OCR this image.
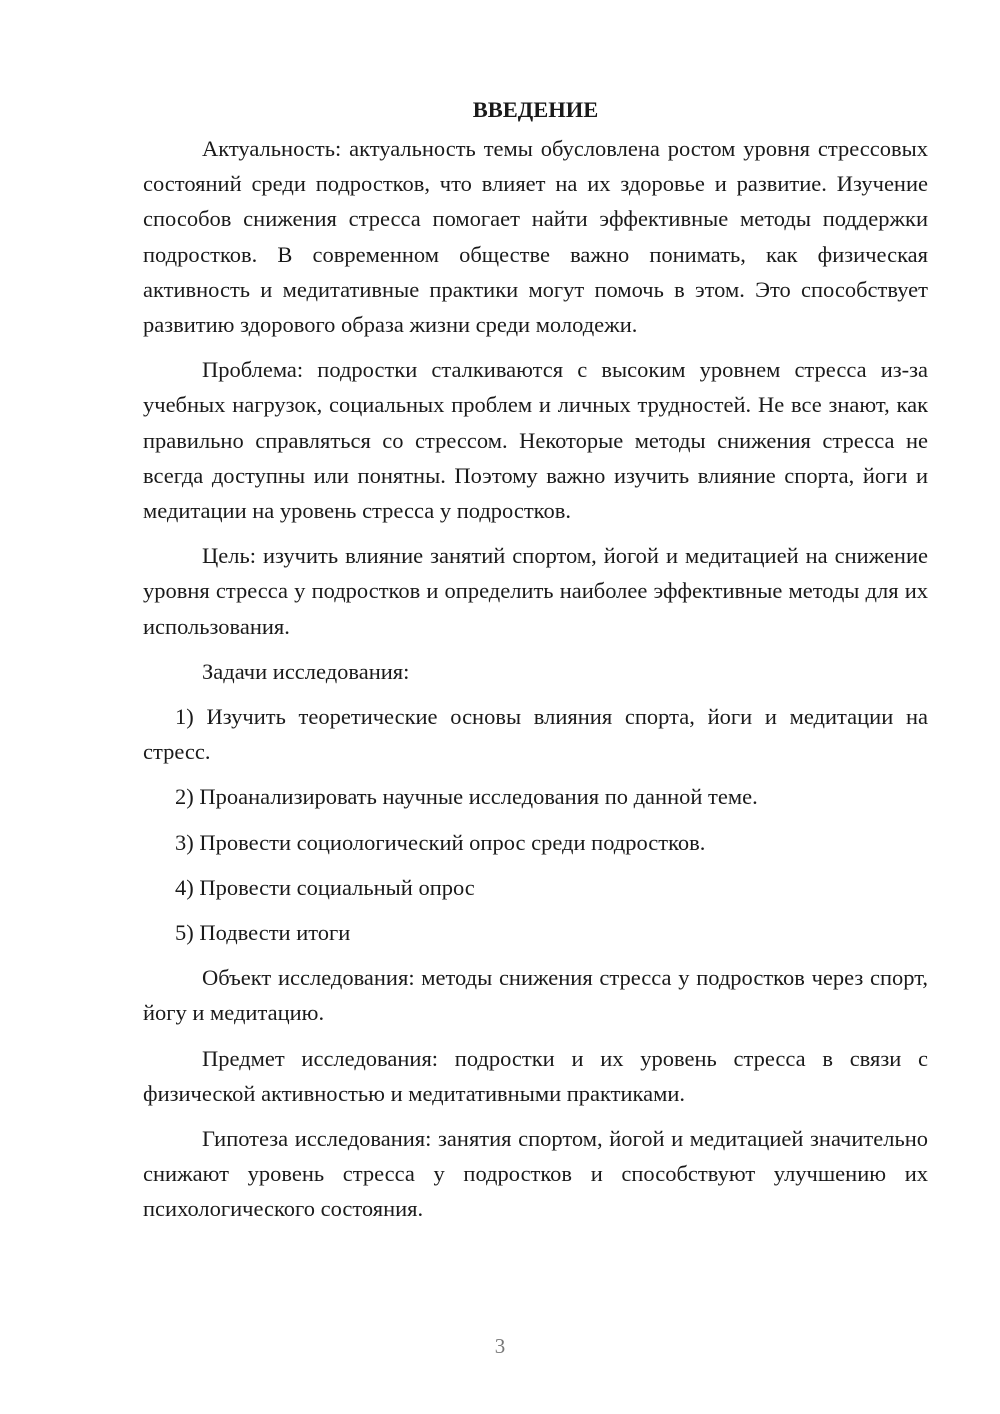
ВВЕДЕНИЕ

Актуальность: актуальность темы обусловлена ростом уровня стрессовых состояний среди подростков, что влияет на их здоровье и развитие. Изучение способов снижения стресса помогает найти эффективные методы поддержки подростков. В современном обществе важно понимать, как физическая активность и медитативные практики могут помочь в этом. Это способствует развитию здорового образа жизни среди молодежи.

Проблема: подростки сталкиваются с высоким уровнем стресса из-за учебных нагрузок, социальных проблем и личных трудностей. Не все знают, как правильно справляться со стрессом. Некоторые методы снижения стресса не всегда доступны или понятны. Поэтому важно изучить влияние спорта, йоги и медитации на уровень стресса у подростков.

Цель: изучить влияние занятий спортом, йогой и медитацией на снижение уровня стресса у подростков и определить наиболее эффективные методы для их использования.

Задачи исследования:

1) Изучить теоретические основы влияния спорта, йоги и медитации на стресс.

2) Проанализировать научные исследования по данной теме.

3) Провести социологический опрос среди подростков.

4) Провести социальный опрос

5) Подвести итоги

Объект исследования: методы снижения стресса у подростков через спорт, йогу и медитацию.

Предмет исследования: подростки и их уровень стресса в связи с физической активностью и медитативными практиками.

Гипотеза исследования: занятия спортом, йогой и медитацией значительно снижают уровень стресса у подростков и способствуют улучшению их психологического состояния.

3
